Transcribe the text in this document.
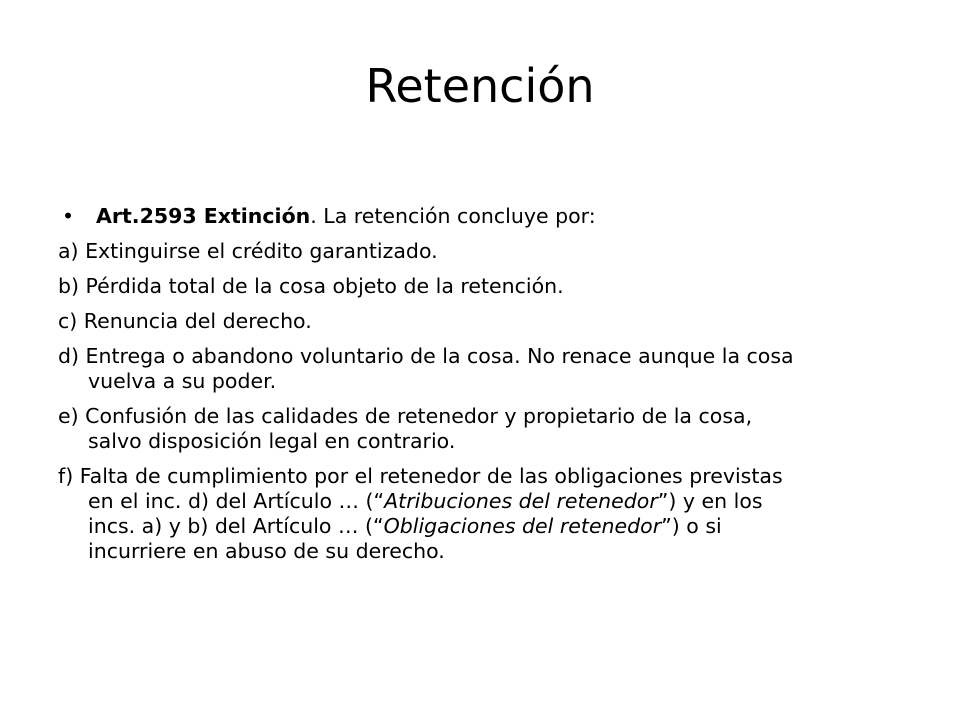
Retención
•	Art.2593 Extinción. La retención concluye por:
a) Extinguirse el crédito garantizado.
b) Pérdida total de la cosa objeto de la retención.
c) Renuncia del derecho.
d) Entrega o abandono voluntario de la cosa. No renace aunque la cosa
vuelva a su poder.
e) Confusión de las calidades de retenedor y propietario de la cosa,
salvo disposición legal en contrario.
f) Falta de cumplimiento por el retenedor de las obligaciones previstas
en el inc. d) del Artículo … (“Atribuciones del retenedor”) y en los
incs. a) y b) del Artículo … (“Obligaciones del retenedor”) o si
incurriere en abuso de su derecho.
